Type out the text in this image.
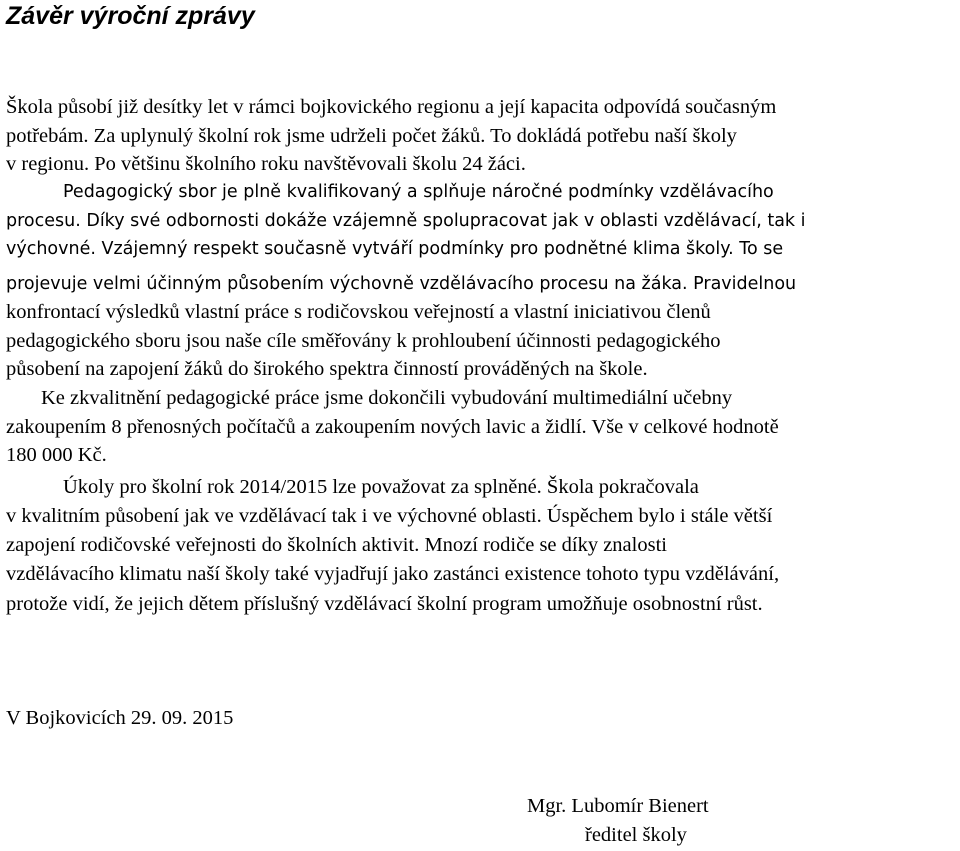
Závěr výroční zprávy

Škola působí již desítky let v rámci bojkovického regionu a její kapacita odpovídá současným

potřebám. Za uplynulý školní rok jsme udrželi počet žáků. To dokládá potřebu naší školy

v regionu. Po většinu školního roku navštěvovali školu 24 žáci.

Pedagogický sbor je plně kvalifikovaný a splňuje náročné podmínky vzdělávacího

procesu. Díky své odbornosti dokáže vzájemně spolupracovat jak v oblasti vzdělávací, tak i

výchovné. Vzájemný respekt současně vytváří podmínky pro podnětné klima školy. To se

projevuje velmi účinným působením výchovně vzdělávacího procesu na žáka. Pravidelnou

konfrontací výsledků vlastní práce s rodičovskou veřejností a vlastní iniciativou členů

pedagogického sboru jsou naše cíle směřovány k prohloubení účinnosti pedagogického

působení na zapojení žáků do širokého spektra činností prováděných na škole.

Ke zkvalitnění pedagogické práce jsme dokončili vybudování multimediální učebny

zakoupením 8 přenosných počítačů a zakoupením nových lavic a židlí. Vše v celkové hodnotě

180 000 Kč.

Úkoly pro školní rok 2014/2015 lze považovat za splněné. Škola pokračovala

v kvalitním působení jak ve vzdělávací tak i ve výchovné oblasti. Úspěchem bylo i stále větší

zapojení rodičovské veřejnosti do školních aktivit. Mnozí rodiče se díky znalosti

vzdělávacího klimatu naší školy také vyjadřují jako zastánci existence tohoto typu vzdělávání,

protože vidí, že jejich dětem příslušný vzdělávací školní program umožňuje osobnostní růst.

V Bojkovicích 29. 09. 2015

Mgr. Lubomír Bienert

ředitel školy
